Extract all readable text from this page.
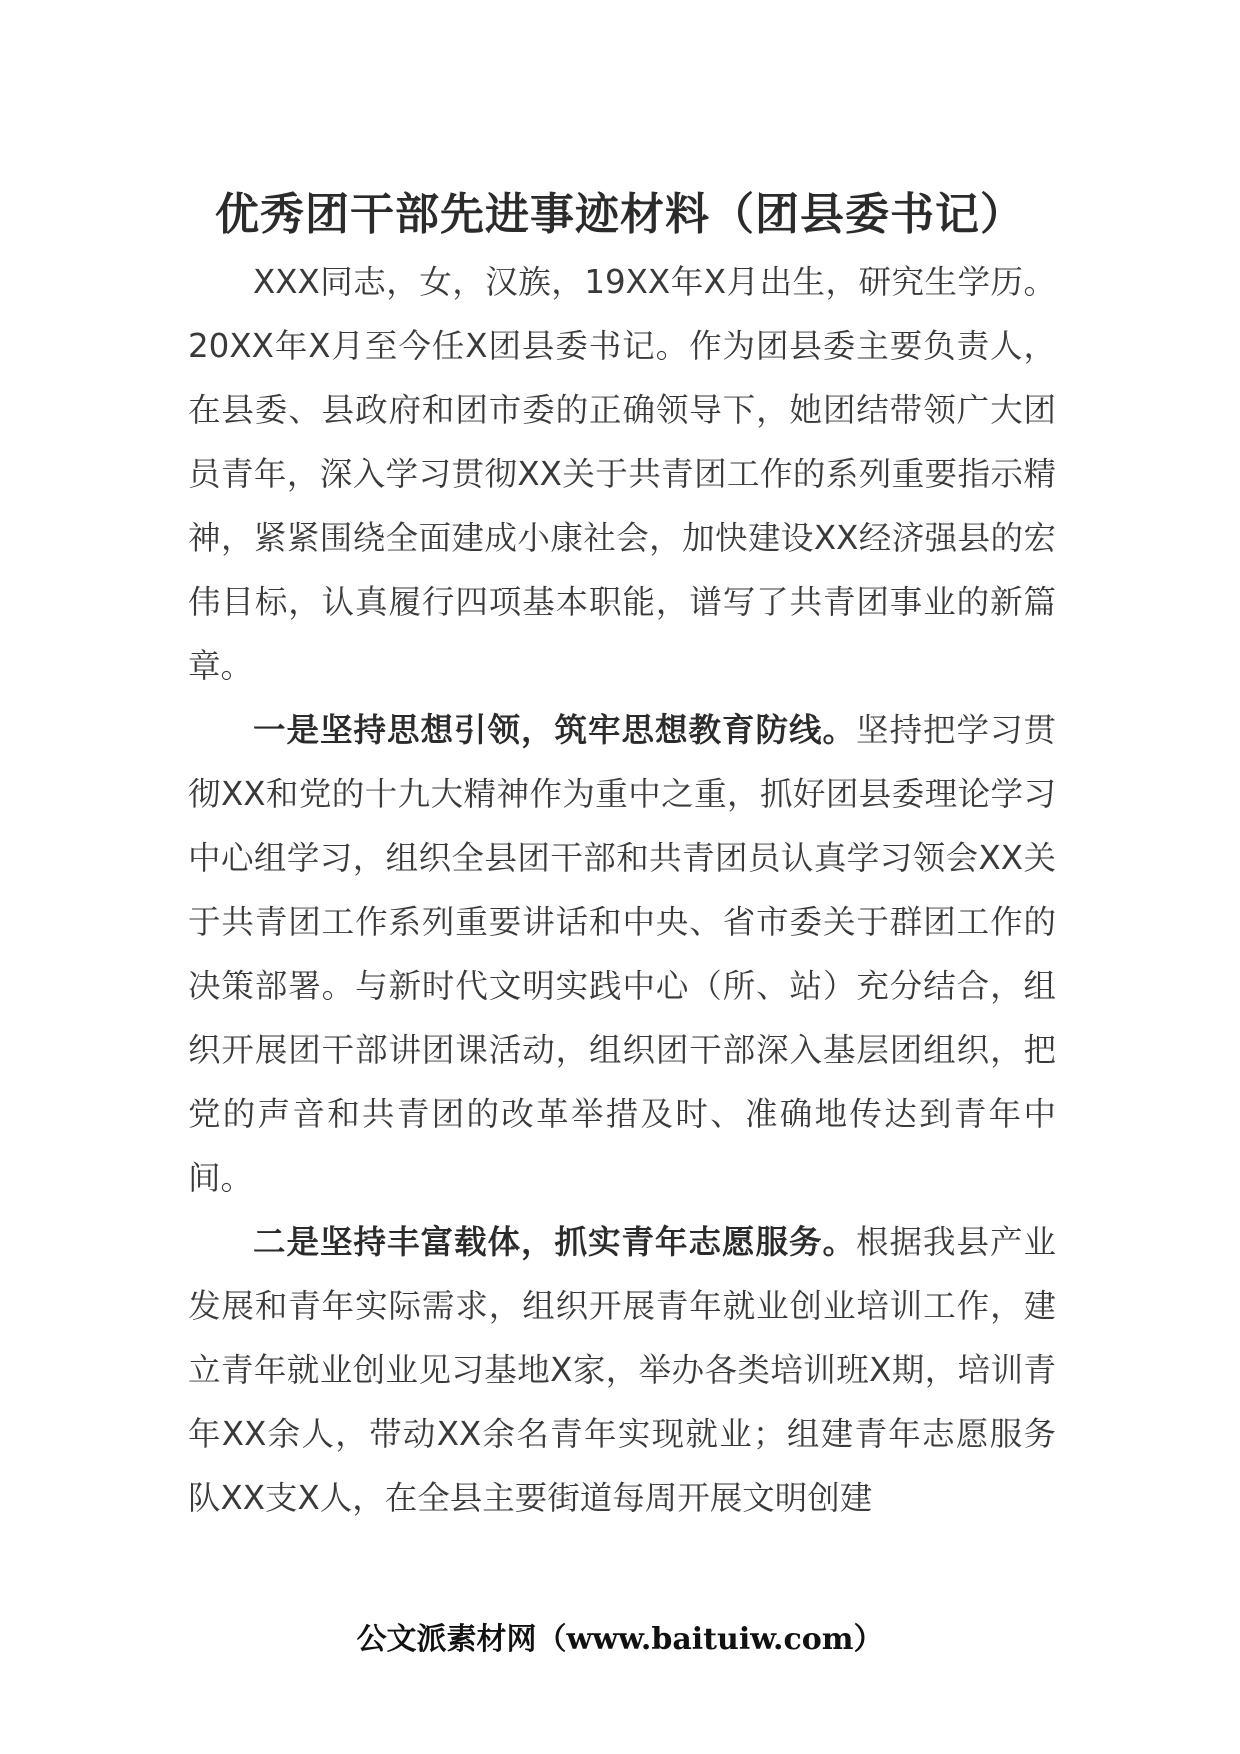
优秀团干部先进事迹材料（团县委书记）

XXX同志，女，汉族，19XX年X月出生，研究生学历。20XX年X月至今任X团县委书记。作为团县委主要负责人，在县委、县政府和团市委的正确领导下，她团结带领广大团员青年，深入学习贯彻XX关于共青团工作的系列重要指示精神，紧紧围绕全面建成小康社会，加快建设XX经济强县的宏伟目标，认真履行四项基本职能，谱写了共青团事业的新篇章。

一是坚持思想引领，筑牢思想教育防线。坚持把学习贯彻XX和党的十九大精神作为重中之重，抓好团县委理论学习中心组学习，组织全县团干部和共青团员认真学习领会XX关于共青团工作系列重要讲话和中央、省市委关于群团工作的决策部署。与新时代文明实践中心（所、站）充分结合，组织开展团干部讲团课活动，组织团干部深入基层团组织，把党的声音和共青团的改革举措及时、准确地传达到青年中间。

二是坚持丰富载体，抓实青年志愿服务。根据我县产业发展和青年实际需求，组织开展青年就业创业培训工作，建立青年就业创业见习基地X家，举办各类培训班X期，培训青年XX余人，带动XX余名青年实现就业；组建青年志愿服务队XX支X人，在全县主要街道每周开展文明创建

公文派素材网（www.baituiw.com）
